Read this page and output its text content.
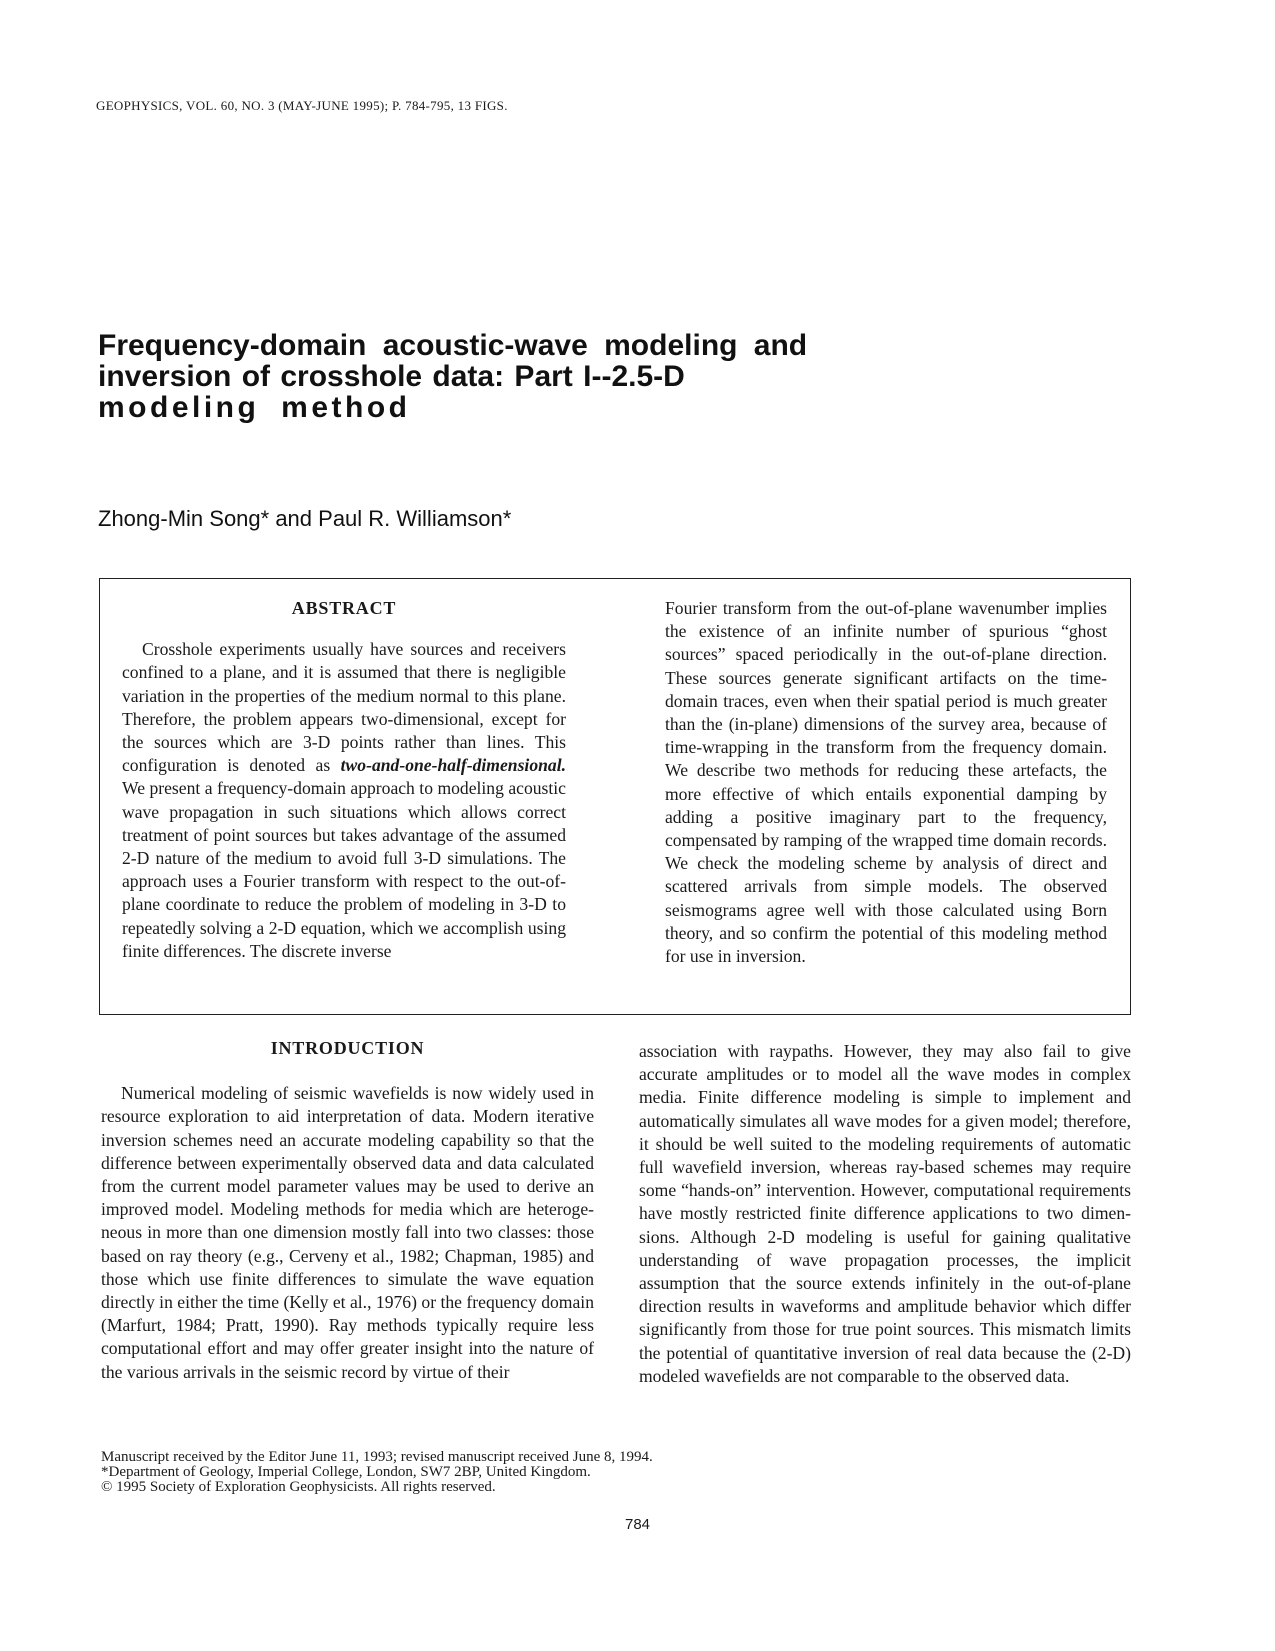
GEOPHYSICS, VOL. 60, NO. 3 (MAY-JUNE 1995); P. 784-795, 13 FIGS.
Frequency-domain acoustic-wave modeling and
inversion of crosshole data: Part I--2.5-D
modeling method
Zhong-Min Song* and Paul R. Williamson*
ABSTRACT

Crosshole experiments usually have sources and receivers confined to a plane, and it is assumed that there is negligible variation in the properties of the medium normal to this plane. Therefore, the problem appears two-dimensional, except for the sources which are 3-D points rather than lines. This configuration is denoted as two-and-one-half-dimensional. We present a frequency-domain approach to modeling acoustic wave propagation in such situations which allows correct treatment of point sources but takes advantage of the assumed 2-D nature of the medium to avoid full 3-D simulations. The approach uses a Fourier transform with respect to the out-of-plane coordinate to reduce the problem of modeling in 3-D to repeatedly solving a 2-D equation, which we accomplish using finite differences. The discrete inverse

Fourier transform from the out-of-plane wavenumber implies the existence of an infinite number of spurious “ghost sources” spaced periodically in the out-of-plane direction. These sources generate significant artifacts on the time-domain traces, even when their spatial period is much greater than the (in-plane) dimensions of the survey area, because of time-wrapping in the transform from the frequency domain. We describe two methods for reducing these artefacts, the more effective of which entails exponential damping by adding a positive imaginary part to the frequency, compensated by ramping of the wrapped time domain records. We check the modeling scheme by analysis of direct and scattered arrivals from simple models. The observed seismograms agree well with those calculated using Born theory, and so confirm the potential of this modeling method for use in inversion.

INTRODUCTION

Numerical modeling of seismic wavefields is now widely used in resource exploration to aid interpretation of data. Modern iterative inversion schemes need an accurate modeling capability so that the difference between experimentally observed data and data calculated from the current model parameter values may be used to derive an improved model. Modeling methods for media which are heterogeneous in more than one dimension mostly fall into two classes: those based on ray theory (e.g., Cerveny et al., 1982; Chapman, 1985) and those which use finite differences to simulate the wave equation directly in either the time (Kelly et al., 1976) or the frequency domain (Marfurt, 1984; Pratt, 1990). Ray methods typically require less computational effort and may offer greater insight into the nature of the various arrivals in the seismic record by virtue of their

association with raypaths. However, they may also fail to give accurate amplitudes or to model all the wave modes in complex media. Finite difference modeling is simple to implement and automatically simulates all wave modes for a given model; therefore, it should be well suited to the modeling requirements of automatic full wavefield inversion, whereas ray-based schemes may require some “hands-on” intervention. However, computational requirements have mostly restricted finite difference applications to two dimensions. Although 2-D modeling is useful for gaining qualitative understanding of wave propagation processes, the implicit assumption that the source extends infinitely in the out-of-plane direction results in waveforms and amplitude behavior which differ significantly from those for true point sources. This mismatch limits the potential of quantitative inversion of real data because the (2-D) modeled wavefields are not comparable to the observed data.

Manuscript received by the Editor June 11, 1993; revised manuscript received June 8, 1994.
*Department of Geology, Imperial College, London, SW7 2BP, United Kingdom.
© 1995 Society of Exploration Geophysicists. All rights reserved.
784
